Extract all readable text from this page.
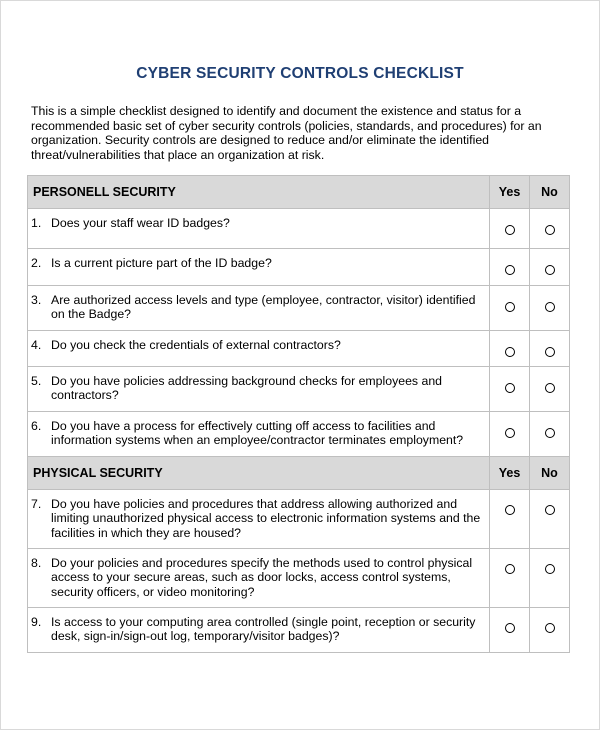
CYBER SECURITY CONTROLS CHECKLIST
This is a simple checklist designed to identify and document the existence and status for a recommended basic set of cyber security controls (policies, standards, and procedures) for an organization. Security controls are designed to reduce and/or eliminate the identified threat/vulnerabilities that place an organization at risk.
PERSONELL SECURITY	Yes	No

1. Does your staff wear ID badges?		

2. Is a current picture part of the ID badge?		

3. Are authorized access levels and type (employee, contractor, visitor) identified on the Badge?		

4. Do you check the credentials of external contractors?		

5. Do you have policies addressing background checks for employees and contractors?		

6. Do you have a process for effectively cutting off access to facilities and information systems when an employee/contractor terminates employment?		

PHYSICAL SECURITY	Yes	No

7. Do you have policies and procedures that address allowing authorized and limiting unauthorized physical access to electronic information systems and the facilities in which they are housed?		

8. Do your policies and procedures specify the methods used to control physical access to your secure areas, such as door locks, access control systems, security officers, or video monitoring?		

9. Is access to your computing area controlled (single point, reception or security desk, sign-in/sign-out log, temporary/visitor badges)?		
